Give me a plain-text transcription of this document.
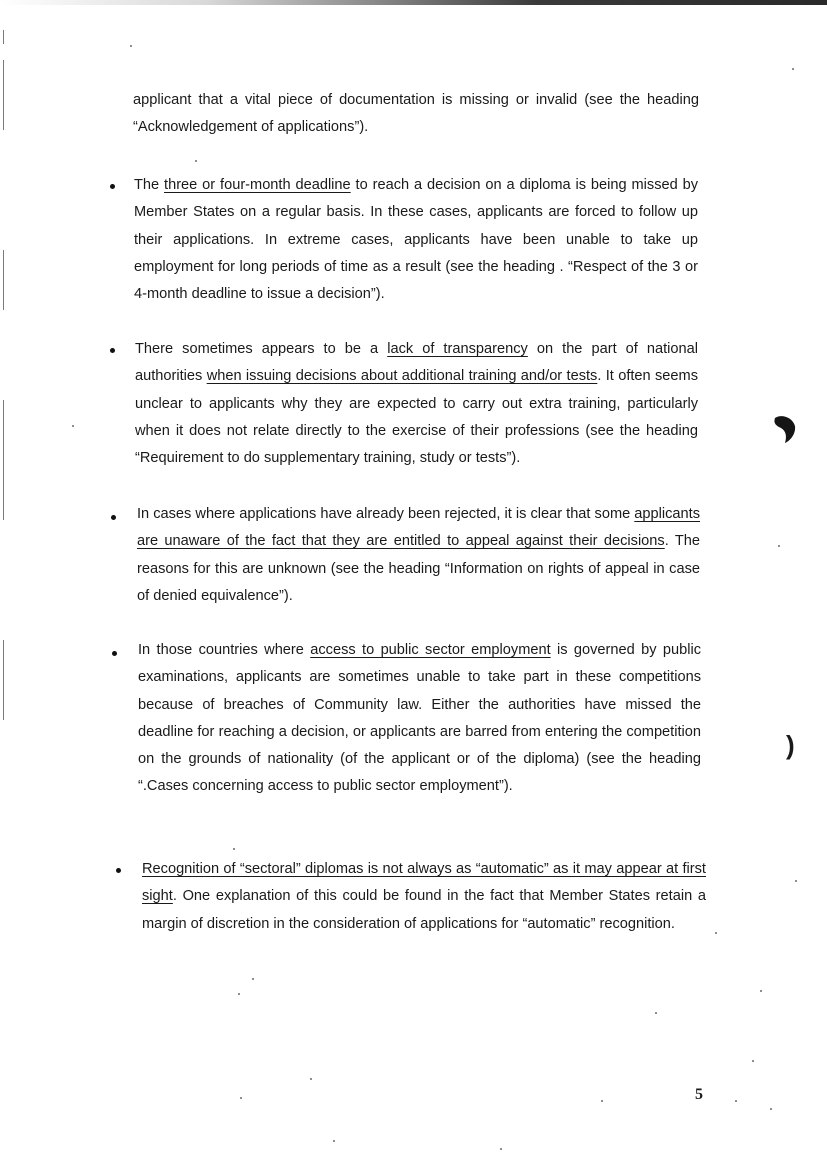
)

applicant that a vital piece of documentation is missing or invalid (see the heading “Acknowledgement of applications”).

The three or four-month deadline to reach a decision on a diploma is being missed by Member States on a regular basis. In these cases, applicants are forced to follow up their applications. In extreme cases, applicants have been unable to take up employment for long periods of time as a result (see the heading . “Respect of the 3 or 4-month deadline to issue a decision”).

There sometimes appears to be a lack of transparency on the part of national authorities when issuing decisions about additional training and/or tests. It often seems unclear to applicants why they are expected to carry out extra training, particularly when it does not relate directly to the exercise of their professions (see the heading “Requirement to do supplementary training, study or tests”).

In cases where applications have already been rejected, it is clear that some applicants are unaware of the fact that they are entitled to appeal against their decisions. The reasons for this are unknown (see the heading “Information on rights of appeal in case of denied equivalence”).

In those countries where access to public sector employment is governed by public examinations, applicants are sometimes unable to take part in these competitions because of breaches of Community law. Either the authorities have missed the deadline for reaching a decision, or applicants are barred from entering the competition on the grounds of nationality (of the applicant or of the diploma) (see the heading “.Cases concerning access to public sector employment”).

Recognition of “sectoral” diplomas is not always as “automatic” as it may appear at first sight. One explanation of this could be found in the fact that Member States retain a margin of discretion in the consideration of applications for “automatic” recognition.

5
